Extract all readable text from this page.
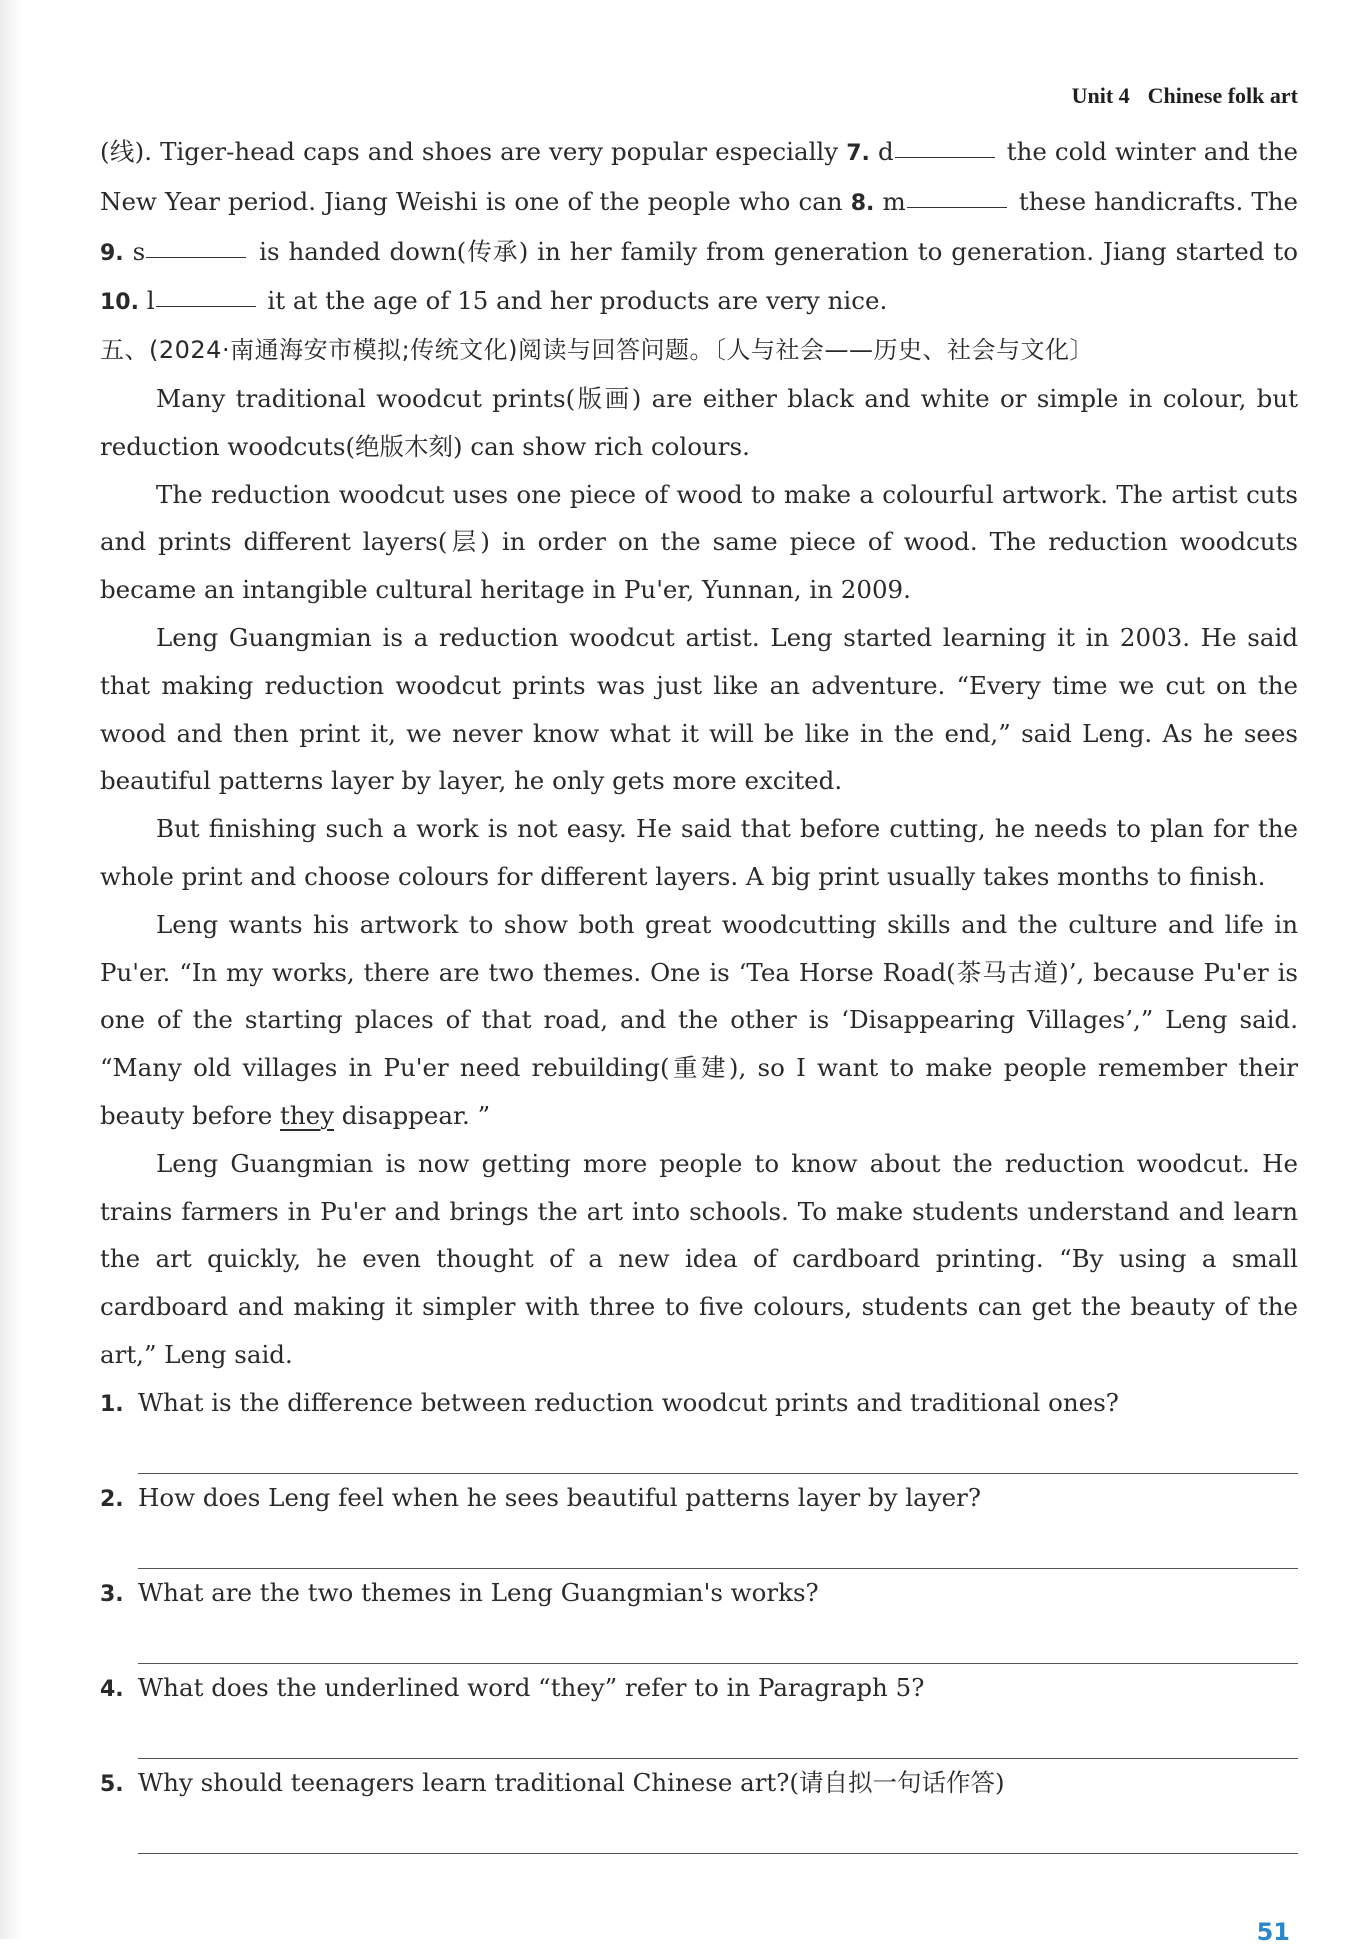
Unit 4 Chinese folk art

(线). Tiger-head caps and shoes are very popular especially 7. d	the cold winter and the New Year period. Jiang Weishi is one of the people who can 8. m	these handicrafts. The 9. s	is handed down(传承) in her family from generation to generation. Jiang started to 10. l	it at the age of 15 and her products are very nice.

五、(2024·南通海安市模拟;传统文化)阅读与回答问题。〔人与社会——历史、社会与文化〕

Many traditional woodcut prints(版画) are either black and white or simple in colour, but reduction woodcuts(绝版木刻) can show rich colours.

The reduction woodcut uses one piece of wood to make a colourful artwork. The artist cuts and prints different layers(层) in order on the same piece of wood. The reduction woodcuts became an intangible cultural heritage in Pu'er, Yunnan, in 2009.

Leng Guangmian is a reduction woodcut artist. Leng started learning it in 2003. He said that making reduction woodcut prints was just like an adventure. “Every time we cut on the wood and then print it, we never know what it will be like in the end,” said Leng. As he sees beautiful patterns layer by layer, he only gets more excited.

But finishing such a work is not easy. He said that before cutting, he needs to plan for the whole print and choose colours for different layers. A big print usually takes months to finish.

Leng wants his artwork to show both great woodcutting skills and the culture and life in Pu'er. “In my works, there are two themes. One is ‘Tea Horse Road(茶马古道)’, because Pu'er is one of the starting places of that road, and the other is ‘Disappearing Villages’,” Leng said. “Many old villages in Pu'er need rebuilding(重建), so I want to make people remember their beauty before they disappear. ”

Leng Guangmian is now getting more people to know about the reduction woodcut. He trains farmers in Pu'er and brings the art into schools. To make students understand and learn the art quickly, he even thought of a new idea of cardboard printing. “By using a small cardboard and making it simpler with three to five colours, students can get the beauty of the art,” Leng said.

1. What is the difference between reduction woodcut prints and traditional ones?
2. How does Leng feel when he sees beautiful patterns layer by layer?
3. What are the two themes in Leng Guangmian's works?
4. What does the underlined word “they” refer to in Paragraph 5?
5. Why should teenagers learn traditional Chinese art?(请自拟一句话作答)
51
